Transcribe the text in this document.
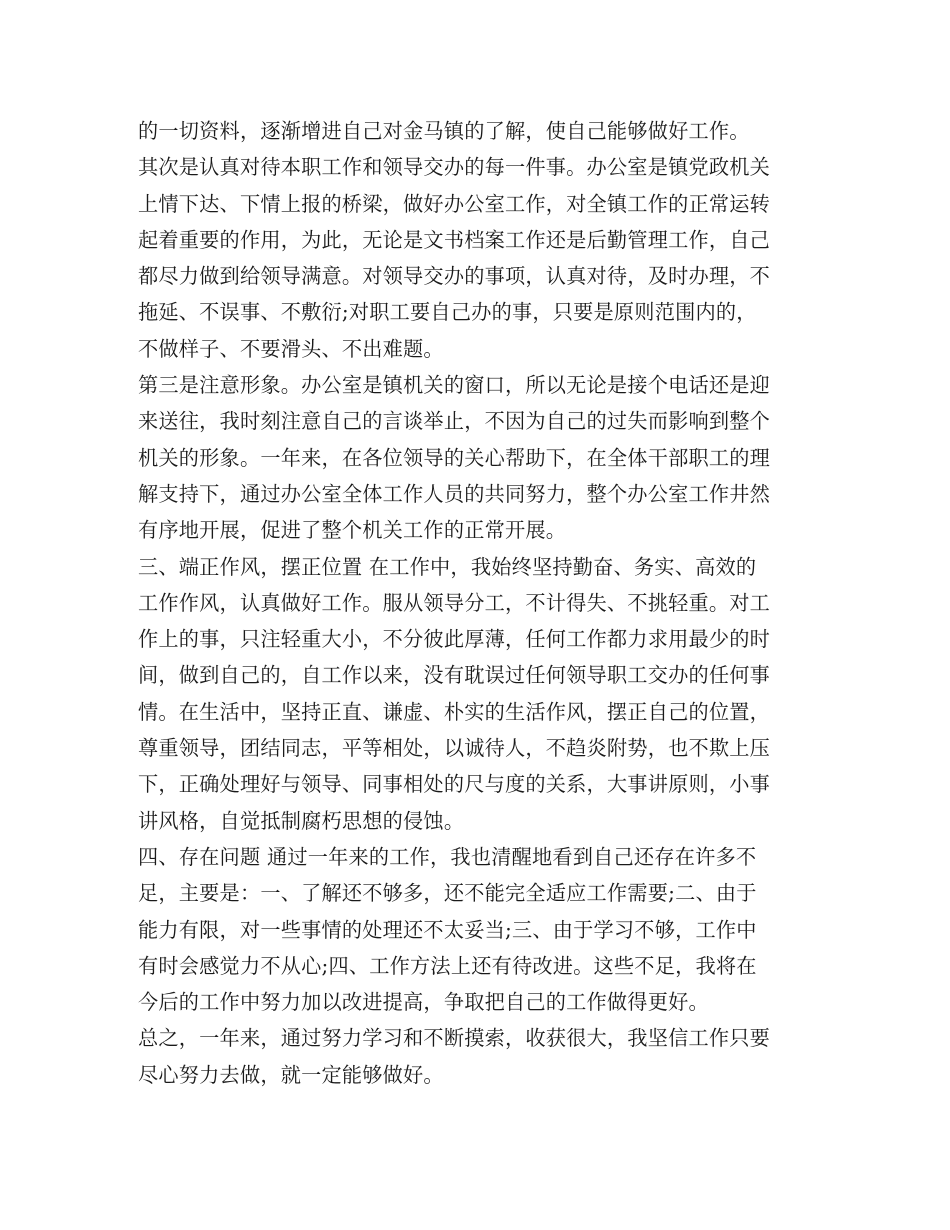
的一切资料，逐渐增进自己对金马镇的了解，使自己能够做好工作。
其次是认真对待本职工作和领导交办的每一件事。办公室是镇党政机关
上情下达、下情上报的桥梁，做好办公室工作，对全镇工作的正常运转
起着重要的作用，为此，无论是文书档案工作还是后勤管理工作，自己
都尽力做到给领导满意。对领导交办的事项，认真对待，及时办理，不
拖延、不误事、不敷衍;对职工要自己办的事，只要是原则范围内的，
不做样子、不要滑头、不出难题。
第三是注意形象。办公室是镇机关的窗口，所以无论是接个电话还是迎
来送往，我时刻注意自己的言谈举止，不因为自己的过失而影响到整个
机关的形象。一年来，在各位领导的关心帮助下，在全体干部职工的理
解支持下，通过办公室全体工作人员的共同努力，整个办公室工作井然
有序地开展，促进了整个机关工作的正常开展。
三、端正作风，摆正位置 在工作中，我始终坚持勤奋、务实、高效的
工作作风，认真做好工作。服从领导分工，不计得失、不挑轻重。对工
作上的事，只注轻重大小，不分彼此厚薄，任何工作都力求用最少的时
间，做到自己的，自工作以来，没有耽误过任何领导职工交办的任何事
情。在生活中，坚持正直、谦虚、朴实的生活作风，摆正自己的位置，
尊重领导，团结同志，平等相处，以诚待人，不趋炎附势，也不欺上压
下，正确处理好与领导、同事相处的尺与度的关系，大事讲原则，小事
讲风格，自觉抵制腐朽思想的侵蚀。
四、存在问题 通过一年来的工作，我也清醒地看到自己还存在许多不
足，主要是：一、了解还不够多，还不能完全适应工作需要;二、由于
能力有限，对一些事情的处理还不太妥当;三、由于学习不够，工作中
有时会感觉力不从心;四、工作方法上还有待改进。这些不足，我将在
今后的工作中努力加以改进提高，争取把自己的工作做得更好。
总之，一年来，通过努力学习和不断摸索，收获很大，我坚信工作只要
尽心努力去做，就一定能够做好。
